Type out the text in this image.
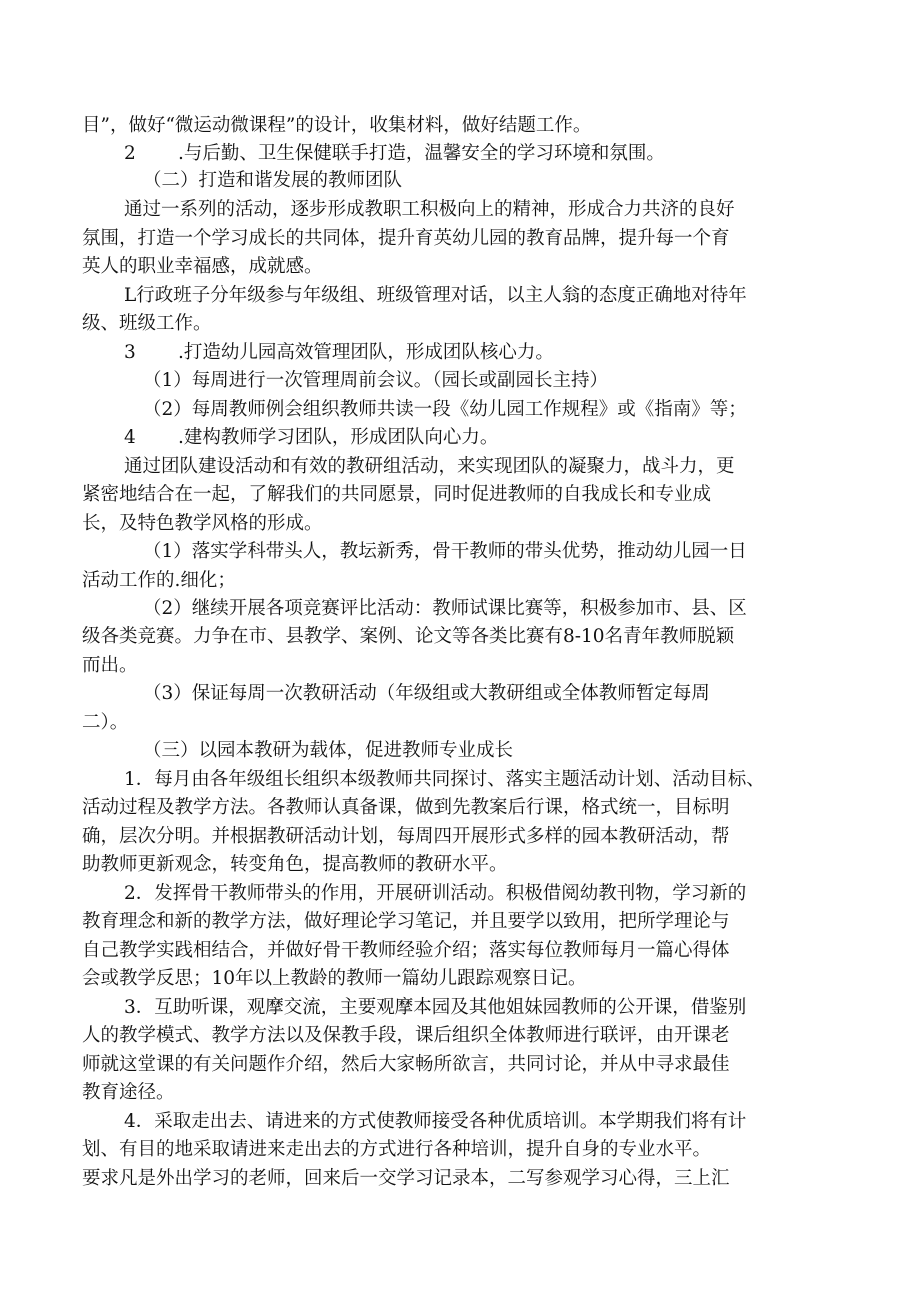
目”，做好“微运动微课程”的设计，收集材料，做好结题工作。
2 .与后勤、卫生保健联手打造，温馨安全的学习环境和氛围。
（二）打造和谐发展的教师团队
通过一系列的活动，逐步形成教职工积极向上的精神，形成合力共济的良好
氛围，打造一个学习成长的共同体，提升育英幼儿园的教育品牌，提升每一个育
英人的职业幸福感，成就感。
L行政班子分年级参与年级组、班级管理对话，以主人翁的态度正确地对待年
级、班级工作。
3 .打造幼儿园高效管理团队，形成团队核心力。
（1）每周进行一次管理周前会议。（园长或副园长主持）
（2）每周教师例会组织教师共读一段《幼儿园工作规程》或《指南》等；
4 .建构教师学习团队，形成团队向心力。
通过团队建设活动和有效的教研组活动，来实现团队的凝聚力，战斗力，更
紧密地结合在一起，了解我们的共同愿景，同时促进教师的自我成长和专业成
长，及特色教学风格的形成。
（1）落实学科带头人，教坛新秀，骨干教师的带头优势，推动幼儿园一日
活动工作的.细化；
（2）继续开展各项竞赛评比活动：教师试课比赛等，积极参加市、县、区
级各类竞赛。力争在市、县教学、案例、论文等各类比赛有8-10名青年教师脱颖
而出。
（3）保证每周一次教研活动（年级组或大教研组或全体教师暂定每周
二）。
（三）以园本教研为载体，促进教师专业成长
1．每月由各年级组长组织本级教师共同探讨、落实主题活动计划、活动目标、
活动过程及教学方法。各教师认真备课，做到先教案后行课，格式统一，目标明
确，层次分明。并根据教研活动计划，每周四开展形式多样的园本教研活动，帮
助教师更新观念，转变角色，提高教师的教研水平。
2．发挥骨干教师带头的作用，开展研训活动。积极借阅幼教刊物，学习新的
教育理念和新的教学方法，做好理论学习笔记，并且要学以致用，把所学理论与
自己教学实践相结合，并做好骨干教师经验介绍；落实每位教师每月一篇心得体
会或教学反思；10年以上教龄的教师一篇幼儿跟踪观察日记。
3．互助听课，观摩交流，主要观摩本园及其他姐妹园教师的公开课，借鉴别
人的教学模式、教学方法以及保教手段，课后组织全体教师进行联评，由开课老
师就这堂课的有关问题作介绍，然后大家畅所欲言，共同讨论，并从中寻求最佳
教育途径。
4．采取走出去、请进来的方式使教师接受各种优质培训。本学期我们将有计
划、有目的地采取请进来走出去的方式进行各种培训，提升自身的专业水平。
要求凡是外出学习的老师，回来后一交学习记录本，二写参观学习心得，三上汇
